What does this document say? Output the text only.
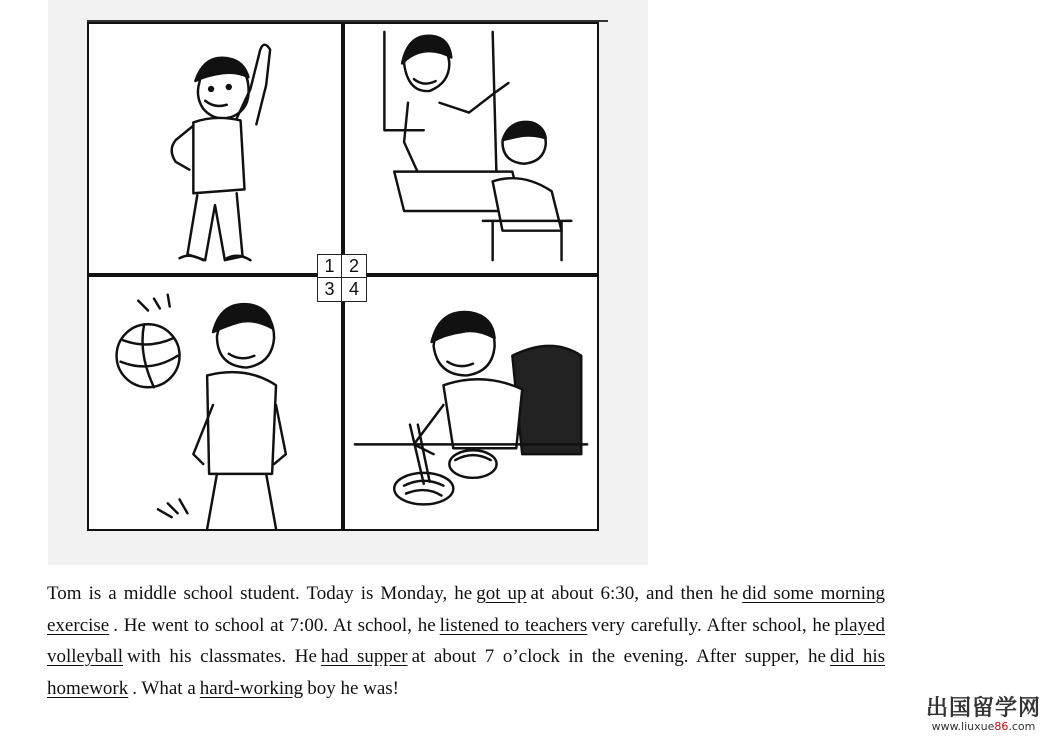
1 2
3 4
Tom is a middle school student. Today is Monday, he got up at about 6:30, and then he did some morning exercise . He went to school at 7:00. At school, he listened to teachers very carefully. After school, he played volleyball with his classmates. He had supper at about 7 o’clock in the evening. After supper, he did his homework . What a hard-working boy he was!
出国留学网
www.liuxue86.com
